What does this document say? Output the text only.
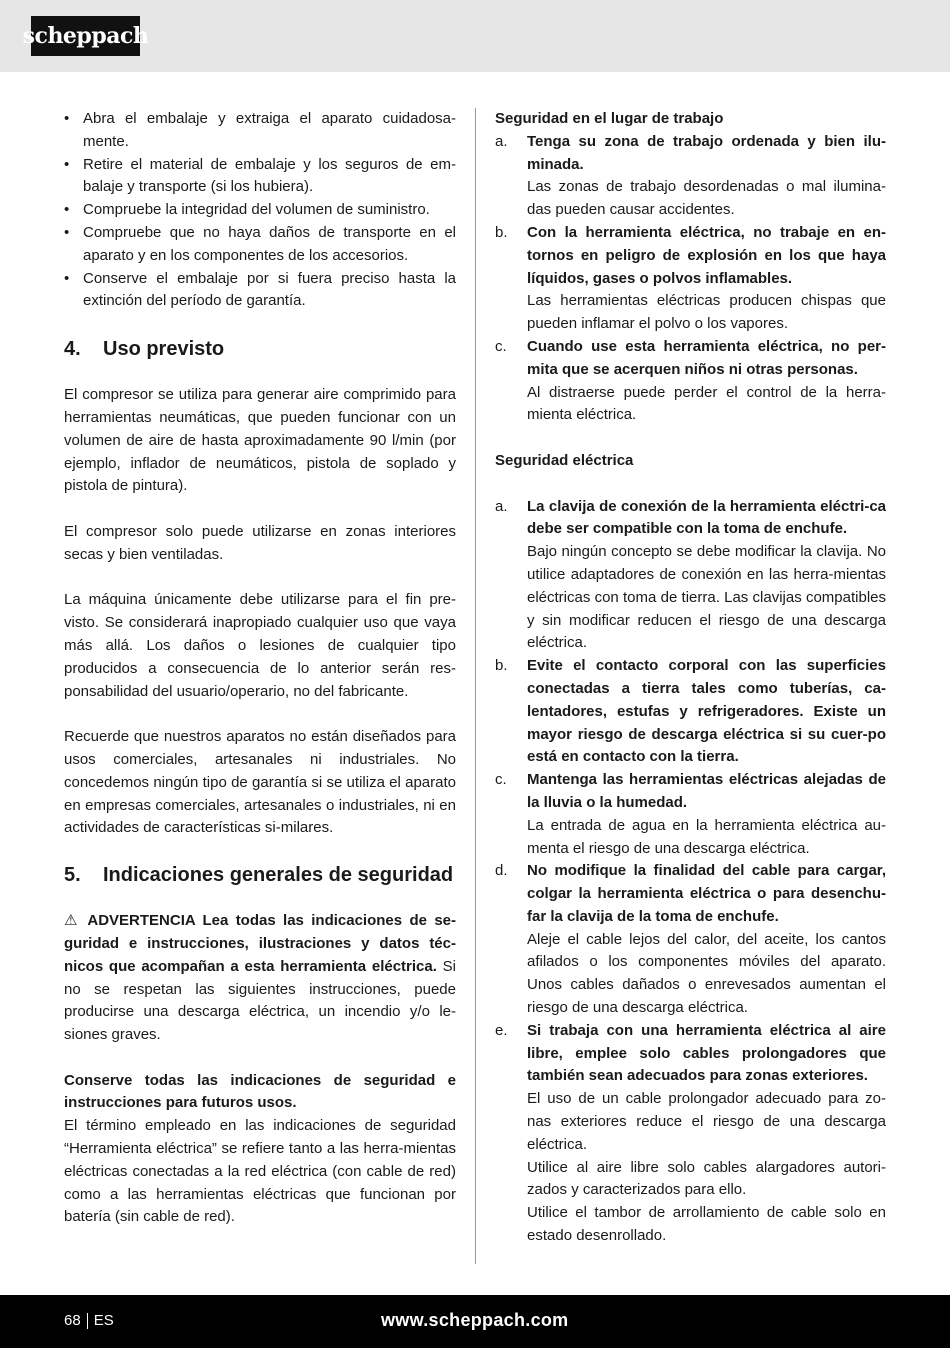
scheppach
• Abra el embalaje y extraiga el aparato cuidadosa-mente.
• Retire el material de embalaje y los seguros de em-balaje y transporte (si los hubiera).
• Compruebe la integridad del volumen de suministro.
• Compruebe que no haya daños de transporte en el aparato y en los componentes de los accesorios.
• Conserve el embalaje por si fuera preciso hasta la extinción del período de garantía.
4.	Uso previsto

El compresor se utiliza para generar aire comprimido para herramientas neumáticas, que pueden funcionar con un volumen de aire de hasta aproximadamente 90 l/min (por ejemplo, inflador de neumáticos, pistola de soplado y pistola de pintura).

El compresor solo puede utilizarse en zonas interiores secas y bien ventiladas.

La máquina únicamente debe utilizarse para el fin pre-visto. Se considerará inapropiado cualquier uso que vaya más allá. Los daños o lesiones de cualquier tipo producidos a consecuencia de lo anterior serán res-ponsabilidad del usuario/operario, no del fabricante.

Recuerde que nuestros aparatos no están diseñados para usos comerciales, artesanales ni industriales. No concedemos ningún tipo de garantía si se utiliza el aparato en empresas comerciales, artesanales o industriales, ni en actividades de características si-milares.

5.	Indicaciones generales de seguridad

⚠ ADVERTENCIA Lea todas las indicaciones de se-guridad e instrucciones, ilustraciones y datos téc-nicos que acompañan a esta herramienta eléctrica. Si no se respetan las siguientes instrucciones, puede producirse una descarga eléctrica, un incendio y/o le-siones graves.

Conserve todas las indicaciones de seguridad e instrucciones para futuros usos.

El término empleado en las indicaciones de seguridad “Herramienta eléctrica” se refiere tanto a las herra-mientas eléctricas conectadas a la red eléctrica (con cable de red) como a las herramientas eléctricas que funcionan por batería (sin cable de red).

Seguridad en el lugar de trabajo

a. Tenga su zona de trabajo ordenada y bien ilu-minada.

Las zonas de trabajo desordenadas o mal ilumina-das pueden causar accidentes.

b. Con la herramienta eléctrica, no trabaje en en-tornos en peligro de explosión en los que haya líquidos, gases o polvos inflamables.

Las herramientas eléctricas producen chispas que pueden inflamar el polvo o los vapores.

c. Cuando use esta herramienta eléctrica, no per-mita que se acerquen niños ni otras personas.

Al distraerse puede perder el control de la herra-mienta eléctrica.

Seguridad eléctrica

a. La clavija de conexión de la herramienta eléctri-ca debe ser compatible con la toma de enchufe.

Bajo ningún concepto se debe modificar la clavija. No utilice adaptadores de conexión en las herra-mientas eléctricas con toma de tierra. Las clavijas compatibles y sin modificar reducen el riesgo de una descarga eléctrica.

b. Evite el contacto corporal con las superficies conectadas a tierra tales como tuberías, ca-lentadores, estufas y refrigeradores. Existe un mayor riesgo de descarga eléctrica si su cuer-po está en contacto con la tierra.

c. Mantenga las herramientas eléctricas alejadas de la lluvia o la humedad.

La entrada de agua en la herramienta eléctrica au-menta el riesgo de una descarga eléctrica.

d. No modifique la finalidad del cable para cargar, colgar la herramienta eléctrica o para desenchu-far la clavija de la toma de enchufe.

Aleje el cable lejos del calor, del aceite, los cantos afilados o los componentes móviles del aparato. Unos cables dañados o enrevesados aumentan el riesgo de una descarga eléctrica.

e. Si trabaja con una herramienta eléctrica al aire libre, emplee solo cables prolongadores que también sean adecuados para zonas exteriores.

El uso de un cable prolongador adecuado para zo-nas exteriores reduce el riesgo de una descarga eléctrica.

Utilice al aire libre solo cables alargadores autori-zados y caracterizados para ello.

Utilice el tambor de arrollamiento de cable solo en estado desenrollado.

68 ES	www.scheppach.com
